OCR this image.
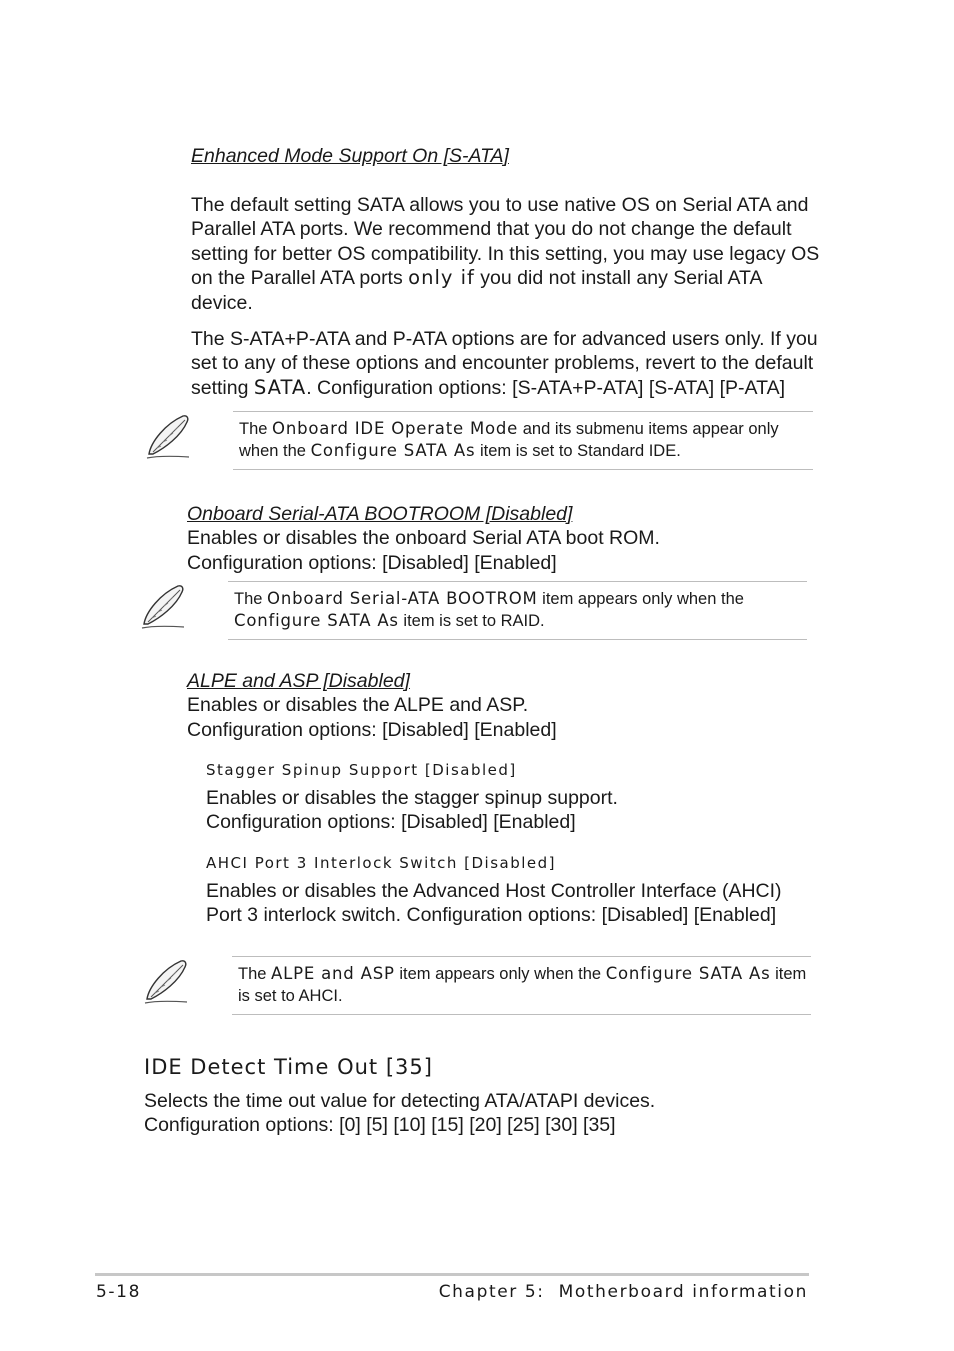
Enhanced Mode Support On [S-ATA]

The default setting SATA allows you to use native OS on Serial ATA and Parallel ATA ports. We recommend that you do not change the default setting for better OS compatibility. In this setting, you may use legacy OS on the Parallel ATA ports only if you did not install any Serial ATA device.

The S-ATA+P-ATA and P-ATA options are for advanced users only. If you set to any of these options and encounter problems, revert to the default setting SATA. Configuration options: [S-ATA+P-ATA] [S-ATA] [P-ATA]

The Onboard IDE Operate Mode and its submenu items appear only when the Configure SATA As item is set to Standard IDE.
Onboard Serial-ATA BOOTROOM [Disabled]
Enables or disables the onboard Serial ATA boot ROM.
Configuration options: [Disabled] [Enabled]
The Onboard Serial-ATA BOOTROM item appears only when the Configure SATA As item is set to RAID.
ALPE and ASP [Disabled]
Enables or disables the ALPE and ASP.
Configuration options: [Disabled] [Enabled]
Stagger Spinup Support [Disabled]
Enables or disables the stagger spinup support.
Configuration options: [Disabled] [Enabled]
AHCI Port 3 Interlock Switch [Disabled]
Enables or disables the Advanced Host Controller Interface (AHCI)
Port 3 interlock switch. Configuration options: [Disabled] [Enabled]
The ALPE and ASP item appears only when the Configure SATA As item is set to AHCI.
IDE Detect Time Out [35]
Selects the time out value for detecting ATA/ATAPI devices.
Configuration options: [0] [5] [10] [15] [20] [25] [30] [35]
5-18	Chapter 5:  Motherboard information
